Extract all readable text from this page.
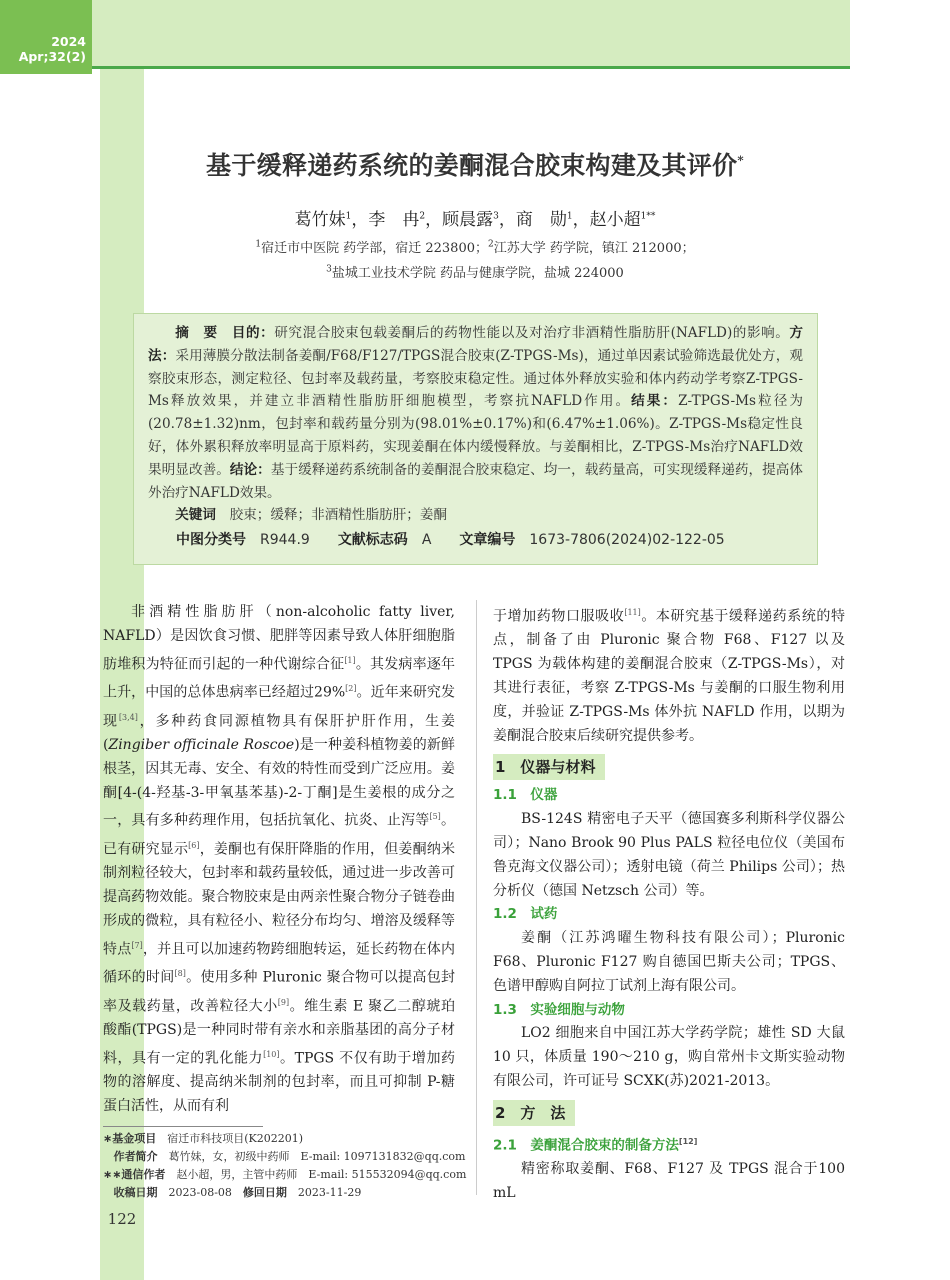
2024
Apr;32(2)
基于缓释递药系统的姜酮混合胶束构建及其评价*
葛竹妹$^1$，李　冉$^2$，顾晨露$^3$，商　勋$^1$，赵小超$^{1**}$
$^1$宿迁市中医院 药学部，宿迁 223800；$^2$江苏大学 药学院，镇江 212000；
$^3$盐城工业技术学院 药品与健康学院，盐城 224000

摘　要　 目的：研究混合胶束包载姜酮后的药物性能以及对治疗非酒精性脂肪肝(NAFLD)的影响。方法：采用薄膜分散法制备姜酮/F68/F127/TPGS混合胶束(Z-TPGS-Ms)，通过单因素试验筛选最优处方，观察胶束形态，测定粒径、包封率及载药量，考察胶束稳定性。通过体外释放实验和体内药动学考察Z-TPGS-Ms释放效果，并建立非酒精性脂肪肝细胞模型，考察抗NAFLD作用。结果：Z-TPGS-Ms粒径为(20.78±1.32)nm，包封率和载药量分别为(98.01%±0.17%)和(6.47%±1.06%)。Z-TPGS-Ms稳定性良好，体外累积释放率明显高于原料药，实现姜酮在体内缓慢释放。与姜酮相比，Z-TPGS-Ms治疗NAFLD效果明显改善。结论：基于缓释递药系统制备的姜酮混合胶束稳定、均一，载药量高，可实现缓释递药，提高体外治疗NAFLD效果。

关键词　 胶束；缓释；非酒精性脂肪肝；姜酮

中图分类号　 R944.9 文献标志码　 A 文章编号　 1673-7806(2024)02-122-05

非酒精性脂肪肝（non-alcoholic fatty liver, NAFLD）是因饮食习惯、肥胖等因素导致人体肝细胞脂肪堆积为特征而引起的一种代谢综合征[1]。其发病率逐年上升，中国的总体患病率已经超过29%[2]。近年来研究发现[3,4]，多种药食同源植物具有保肝护肝作用，生姜(Zingiber officinale Roscoe)是一种姜科植物姜的新鲜根茎，因其无毒、安全、有效的特性而受到广泛应用。姜酮[4-(4-羟基-3-甲氧基苯基)-2-丁酮]是生姜根的成分之一，具有多种药理作用，包括抗氧化、抗炎、止泻等[5]。已有研究显示[6]，姜酮也有保肝降脂的作用，但姜酮纳米制剂粒径较大，包封率和载药量较低，通过进一步改善可提高药物效能。聚合物胶束是由两亲性聚合物分子链卷曲形成的微粒，具有粒径小、粒径分布均匀、增溶及缓释等特点[7]，并且可以加速药物跨细胞转运，延长药物在体内循环的时间[8]。使用多种 Pluronic 聚合物可以提高包封率及载药量，改善粒径大小[9]。维生素 E 聚乙二醇琥珀酸酯(TPGS)是一种同时带有亲水和亲脂基团的高分子材料，具有一定的乳化能力[10]。TPGS 不仅有助于增加药物的溶解度、提高纳米制剂的包封率，而且可抑制 P-糖蛋白活性，从而有利

于增加药物口服吸收[11]。本研究基于缓释递药系统的特点，制备了由 Pluronic 聚合物 F68、F127 以及 TPGS 为载体构建的姜酮混合胶束（Z-TPGS-Ms），对其进行表征，考察 Z-TPGS-Ms 与姜酮的口服生物利用度，并验证 Z-TPGS-Ms 体外抗 NAFLD 作用，以期为姜酮混合胶束后续研究提供参考。

1　仪器与材料
1.1　仪器

BS-124S 精密电子天平（德国赛多利斯科学仪器公司）；Nano Brook 90 Plus PALS 粒径电位仪（美国布鲁克海文仪器公司）；透射电镜（荷兰 Philips 公司）；热分析仪（德国 Netzsch 公司）等。

1.2　试药

姜酮（江苏鸿曜生物科技有限公司）；Pluronic F68、Pluronic F127 购自德国巴斯夫公司；TPGS、色谱甲醇购自阿拉丁试剂上海有限公司。

1.3　实验细胞与动物

LO2 细胞来自中国江苏大学药学院；雄性 SD 大鼠 10 只，体质量 190～210 g，购自常州卡文斯实验动物有限公司，许可证号 SCXK(苏)2021-2013。

2　方　法
2.1　姜酮混合胶束的制备方法[12]

精密称取姜酮、F68、F127 及 TPGS 混合于100 mL

∗基金项目　 宿迁市科技项目(K202201)
作者简介　 葛竹妹，女，初级中药师　E-mail: 1097131832@qq.com
∗∗通信作者　 赵小超，男，主管中药师　E-mail: 515532094@qq.com
收稿日期　 2023-08-08　 修回日期　 2023-11-29
122
